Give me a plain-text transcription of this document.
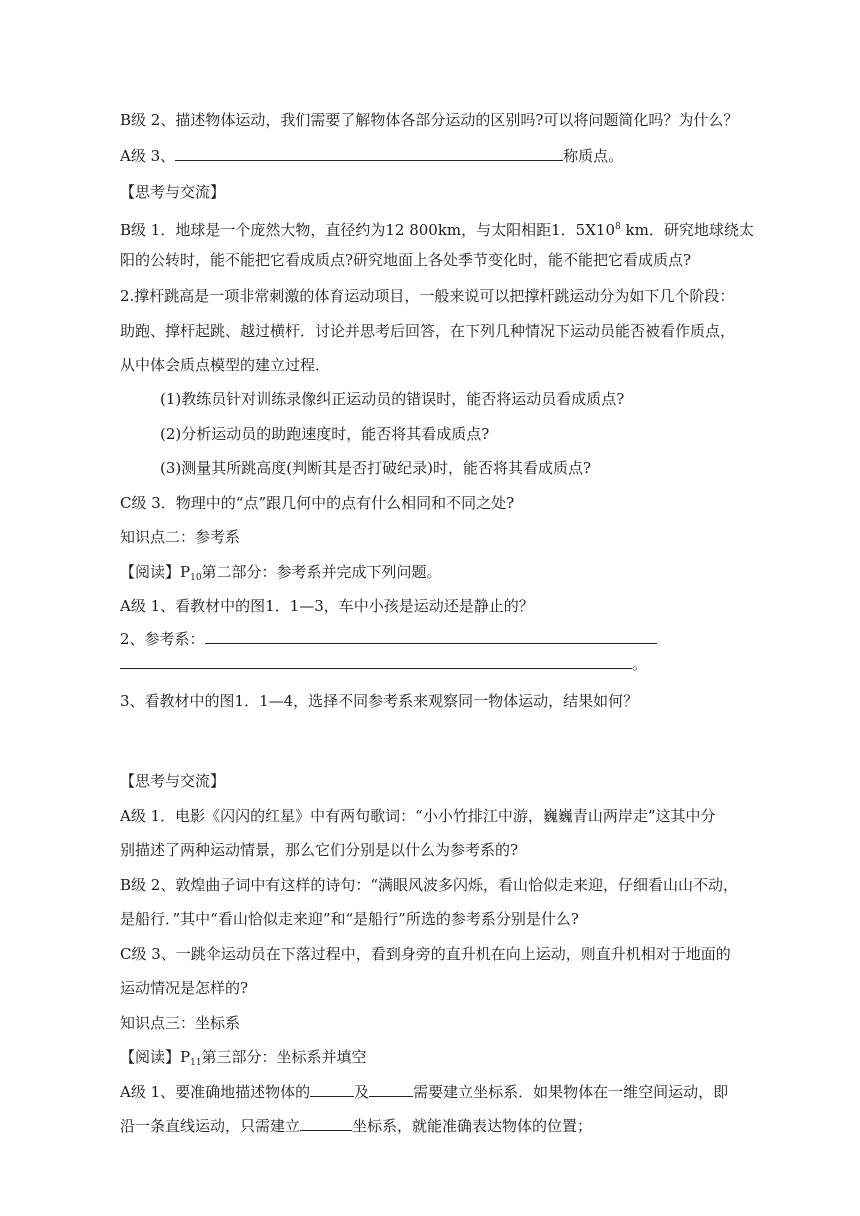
B级 2、描述物体运动，我们需要了解物体各部分运动的区别吗?可以将问题简化吗？为什么？
A级 3、	称质点。
【思考与交流】
B级 1．地球是一个庞然大物，直径约为12 800km，与太阳相距1．$5X10^8$ km．研究地球绕太
阳的公转时，能不能把它看成质点?研究地面上各处季节变化时，能不能把它看成质点?
2.撑杆跳高是一项非常刺激的体育运动项目，一般来说可以把撑杆跳运动分为如下几个阶段：
助跑、撑杆起跳、越过横杆．讨论并思考后回答，在下列几种情况下运动员能否被看作质点，
从中体会质点模型的建立过程．
(1)教练员针对训练录像纠正运动员的错误时，能否将运动员看成质点?
(2)分析运动员的助跑速度时，能否将其看成质点?
(3)测量其所跳高度(判断其是否打破纪录)时，能否将其看成质点?
C级 3．物理中的“点”跟几何中的点有什么相同和不同之处?
知识点二：参考系
【阅读】$P_{10}$第二部分：参考系并完成下列问题。
A级 1、看教材中的图1．1—3，车中小孩是运动还是静止的？
2、参考系：
。
3、看教材中的图1．1—4，选择不同参考系来观察同一物体运动，结果如何？
【思考与交流】
A级 1．电影《闪闪的红星》中有两句歌词：“小小竹排江中游，巍巍青山两岸走”这其中分
别描述了两种运动情景，那么它们分别是以什么为参考系的?
B级 2、敦煌曲子词中有这样的诗句：“满眼风波多闪烁，看山恰似走来迎，仔细看山山不动，
是船行．”其中“看山恰似走来迎”和“是船行”所选的参考系分别是什么?
C级 3、一跳伞运动员在下落过程中，看到身旁的直升机在向上运动，则直升机相对于地面的
运动情况是怎样的?
知识点三：坐标系
【阅读】$P_{11}$第三部分：坐标系并填空
A级 1、要准确地描述物体的	及	需要建立坐标系．如果物体在一维空间运动，即
沿一条直线运动，只需建立	坐标系，就能准确表达物体的位置；
